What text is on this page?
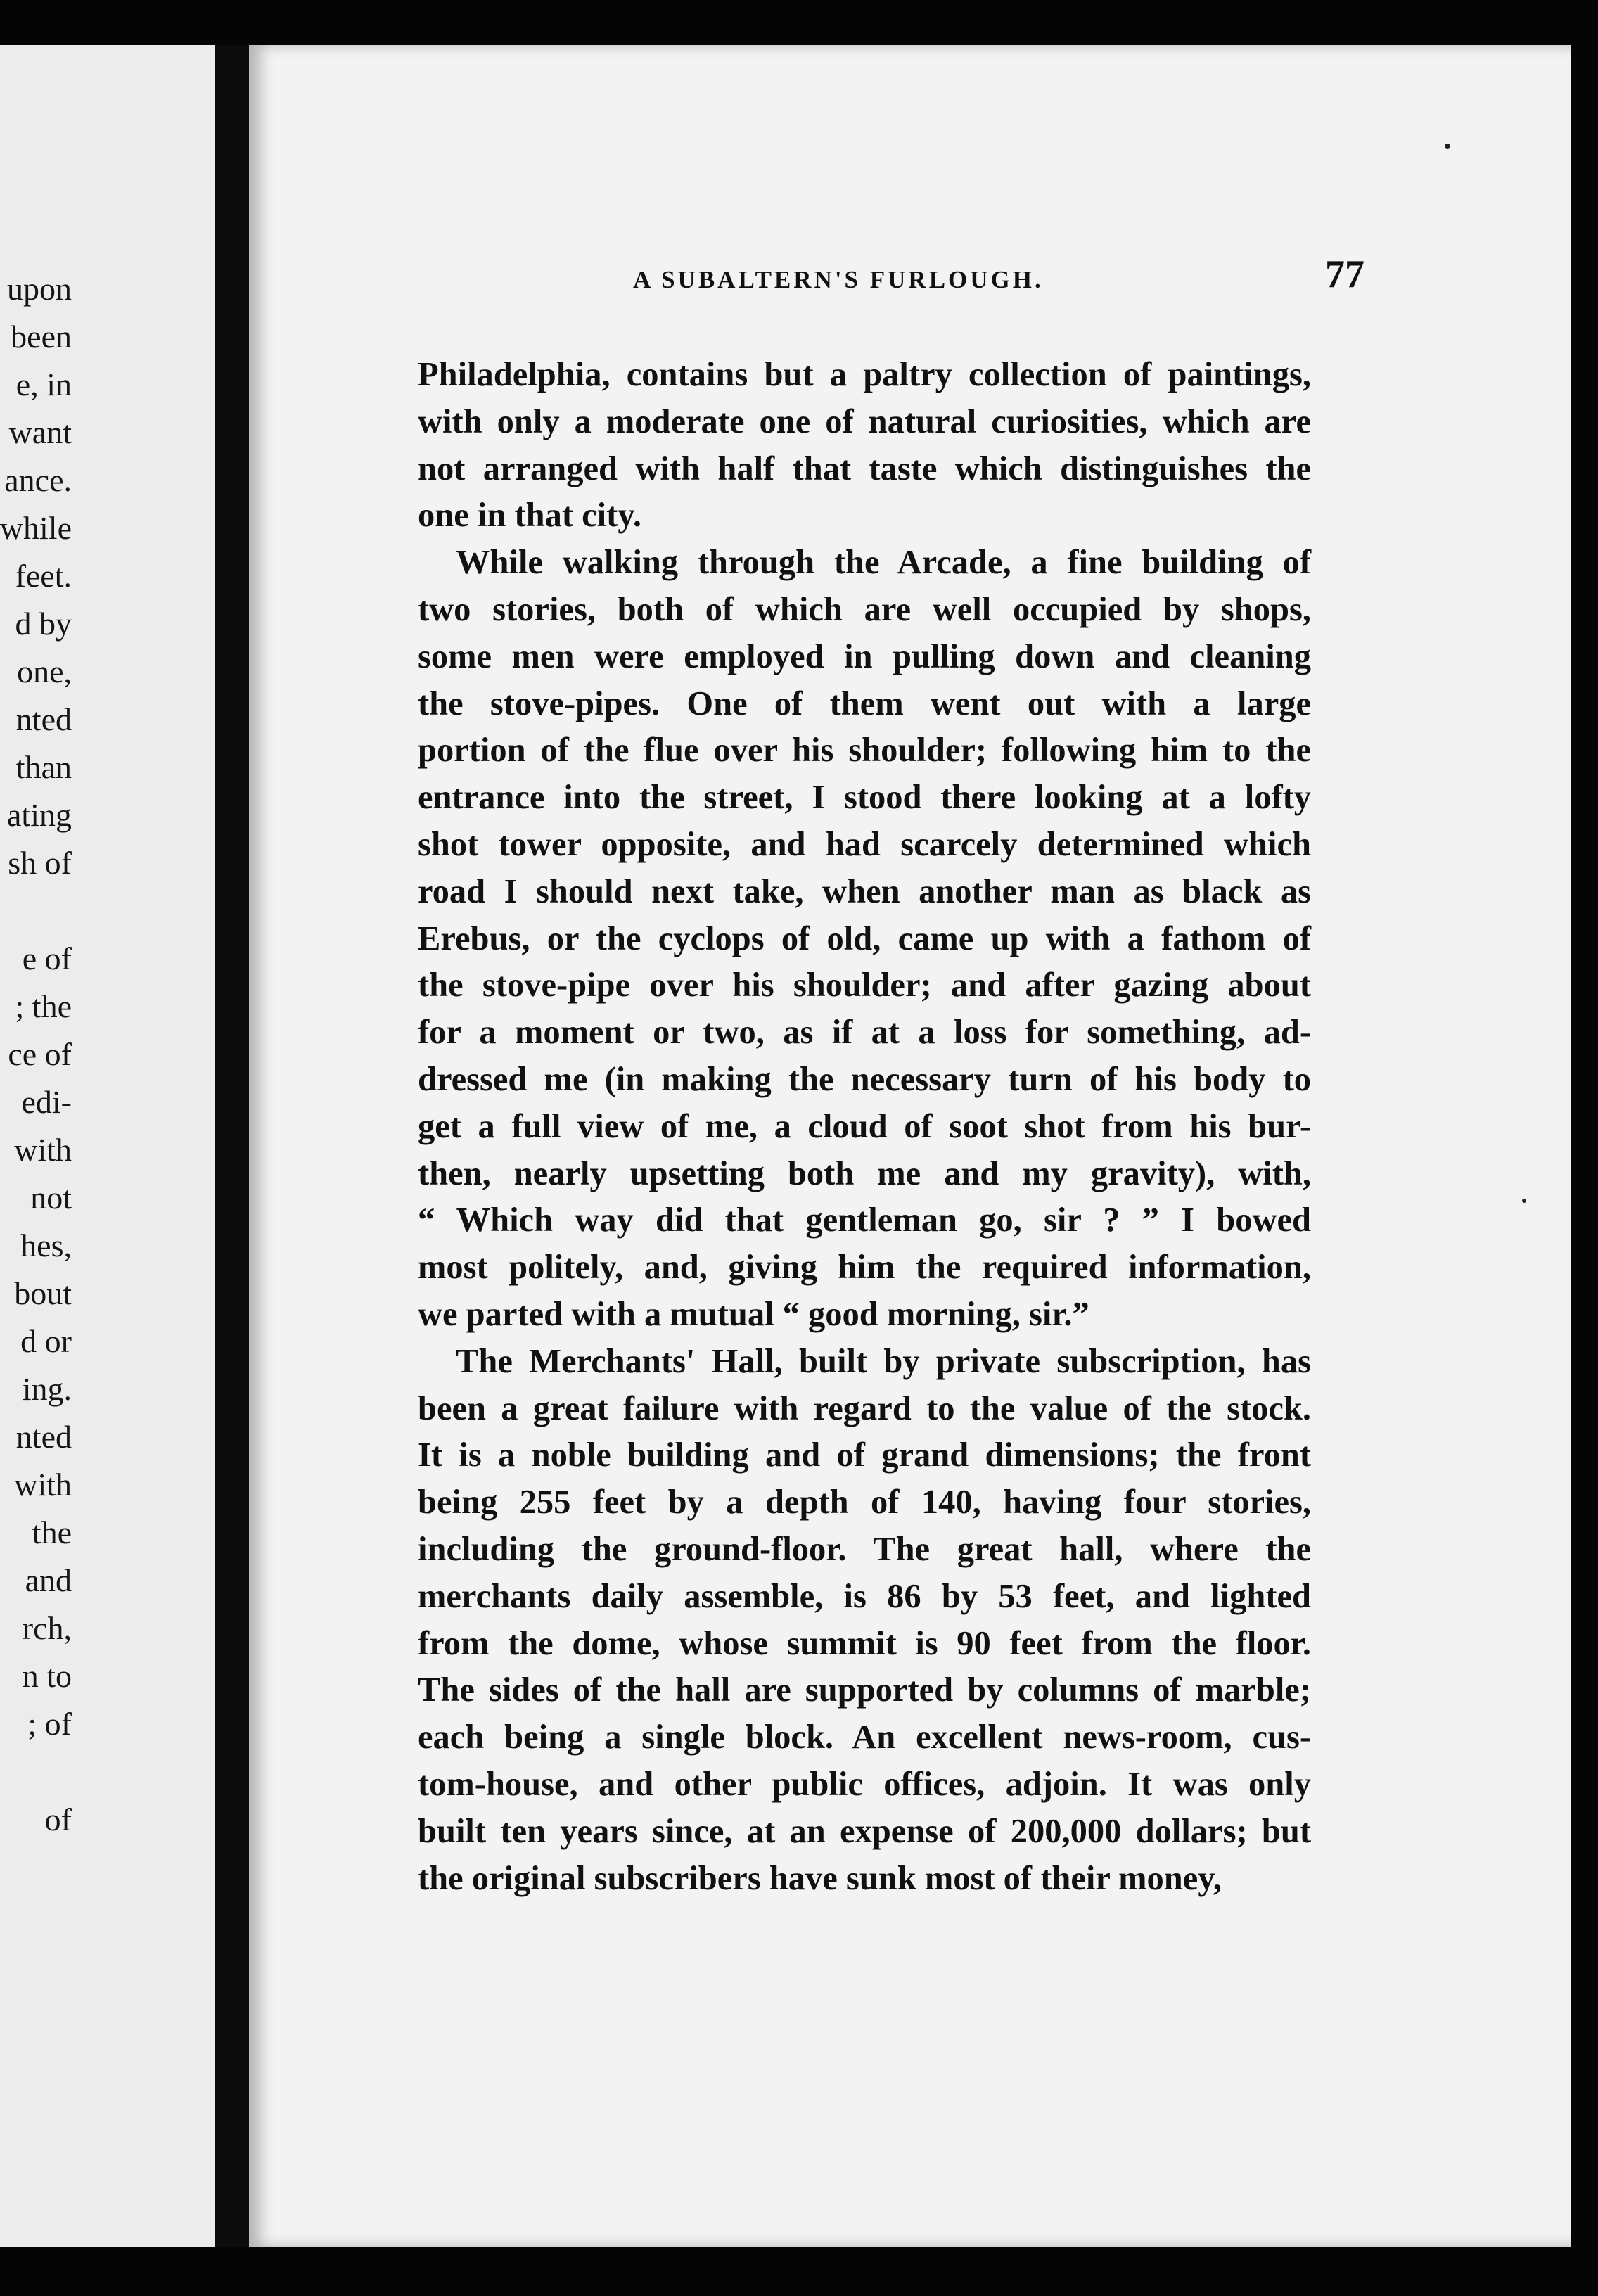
upon
been
e, in
want
ance.
while
feet.
d by
one,
nted
than
ating
sh of
e of
; the
ce of
edi-
with
not
hes,
bout
d or
ing.
nted
with
the
and
rch,
n to
; of
of
A SUBALTERN'S FURLOUGH.	77

Philadelphia, contains but a paltry collection of paintings,
with only a moderate one of natural curiosities, which are
not arranged with half that taste which distinguishes the
one in that city.

While walking through the Arcade, a fine building of
two stories, both of which are well occupied by shops,
some men were employed in pulling down and cleaning
the stove-pipes. One of them went out with a large
portion of the flue over his shoulder; following him to the
entrance into the street, I stood there looking at a lofty
shot tower opposite, and had scarcely determined which
road I should next take, when another man as black as
Erebus, or the cyclops of old, came up with a fathom of
the stove-pipe over his shoulder; and after gazing about
for a moment or two, as if at a loss for something, ad-
dressed me (in making the necessary turn of his body to
get a full view of me, a cloud of soot shot from his bur-
then, nearly upsetting both me and my gravity), with,
“ Which way did that gentleman go, sir ? ” I bowed
most politely, and, giving him the required information,
we parted with a mutual “ good morning, sir.”

The Merchants' Hall, built by private subscription, has
been a great failure with regard to the value of the stock.
It is a noble building and of grand dimensions; the front
being 255 feet by a depth of 140, having four stories,
including the ground-floor. The great hall, where the
merchants daily assemble, is 86 by 53 feet, and lighted
from the dome, whose summit is 90 feet from the floor.
The sides of the hall are supported by columns of marble;
each being a single block. An excellent news-room, cus-
tom-house, and other public offices, adjoin. It was only
built ten years since, at an expense of 200,000 dollars; but
the original subscribers have sunk most of their money,
